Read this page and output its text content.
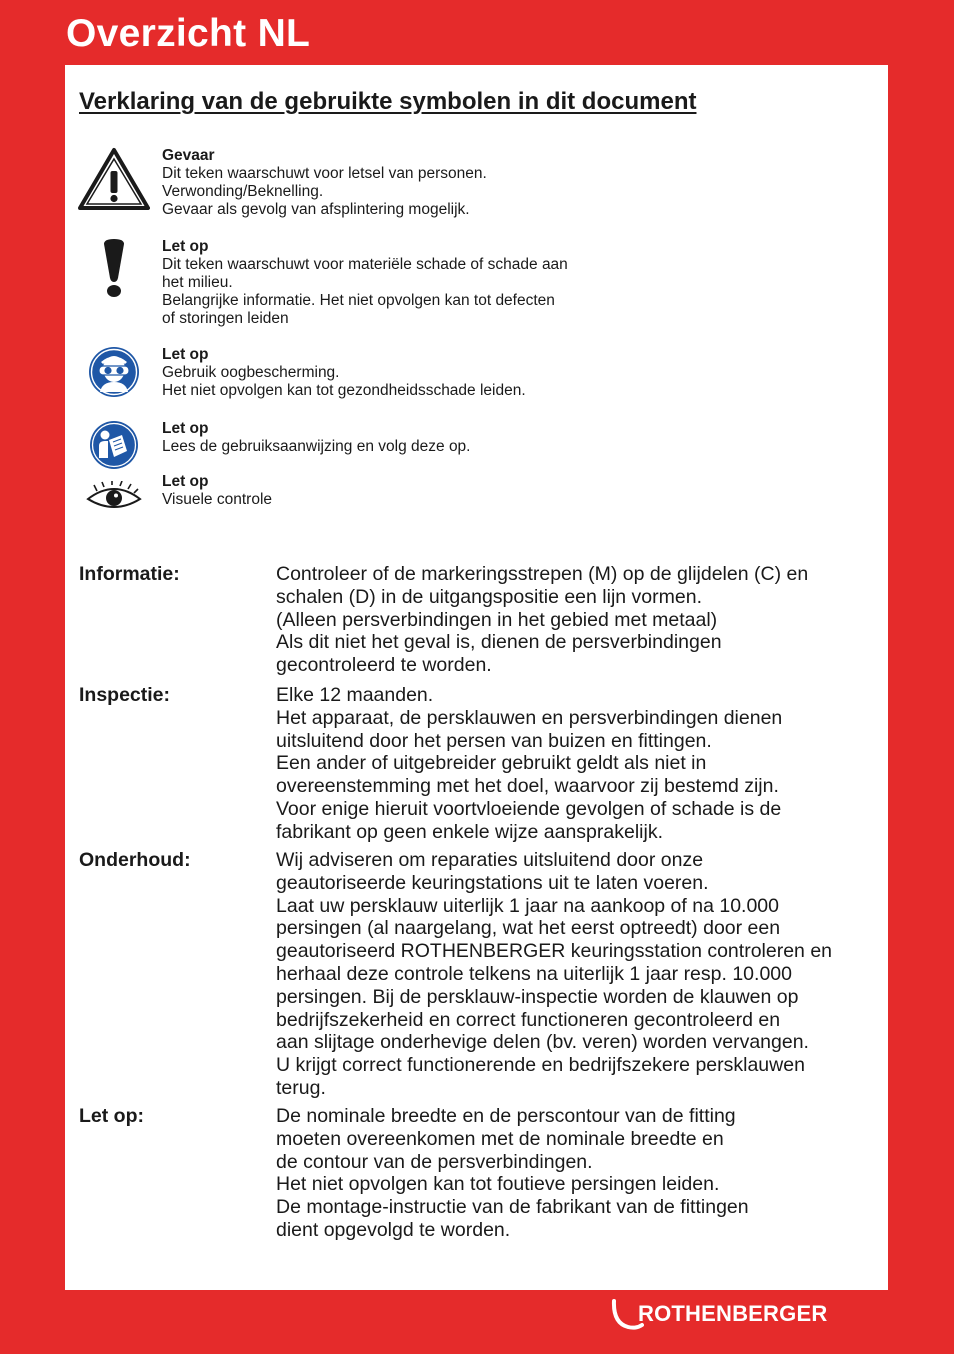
Overzicht NL
Verklaring van de gebruikte symbolen in dit document
Gevaar
Dit teken waarschuwt voor letsel van personen.
Verwonding/Beknelling.
Gevaar als gevolg van afsplintering mogelijk.
Let op
Dit teken waarschuwt voor materiële schade of schade aan
het milieu.
Belangrijke informatie. Het niet opvolgen kan tot defecten
of storingen leiden
Let op
Gebruik oogbescherming.
Het niet opvolgen kan tot gezondheidsschade leiden.
Let op
Lees de gebruiksaanwijzing en volg deze op.
Let op
Visuele controle
Informatie:	Controleer of de markeringsstrepen (M) op de glijdelen (C) en
schalen (D) in de uitgangspositie een lijn vormen.
(Alleen persverbindingen in het gebied met metaal)
Als dit niet het geval is, dienen de persverbindingen
gecontroleerd te worden.
Inspectie:	Elke 12 maanden.
Het apparaat, de persklauwen en persverbindingen dienen
uitsluitend door het persen van buizen en fittingen.
Een ander of uitgebreider gebruikt geldt als niet in
overeenstemming met het doel, waarvoor zij bestemd zijn.
Voor enige hieruit voortvloeiende gevolgen of schade is de
fabrikant op geen enkele wijze aansprakelijk.
Onderhoud:	Wij adviseren om reparaties uitsluitend door onze
geautoriseerde keuringstations uit te laten voeren.
Laat uw persklauw uiterlijk 1 jaar na aankoop of na 10.000
persingen (al naargelang, wat het eerst optreedt) door een
geautoriseerd ROTHENBERGER keuringsstation controleren en
herhaal deze controle telkens na uiterlijk 1 jaar resp. 10.000
persingen. Bij de persklauw-inspectie worden de klauwen op
bedrijfszekerheid en correct functioneren gecontroleerd en
aan slijtage onderhevige delen (bv. veren) worden vervangen.
U krijgt correct functionerende en bedrijfszekere persklauwen
terug.
Let op:	De nominale breedte en de perscontour van de fitting
moeten overeenkomen met de nominale breedte en
de contour van de persverbindingen.
Het niet opvolgen kan tot foutieve persingen leiden.
De montage-instructie van de fabrikant van de fittingen
dient opgevolgd te worden.
ROTHENBERGER
